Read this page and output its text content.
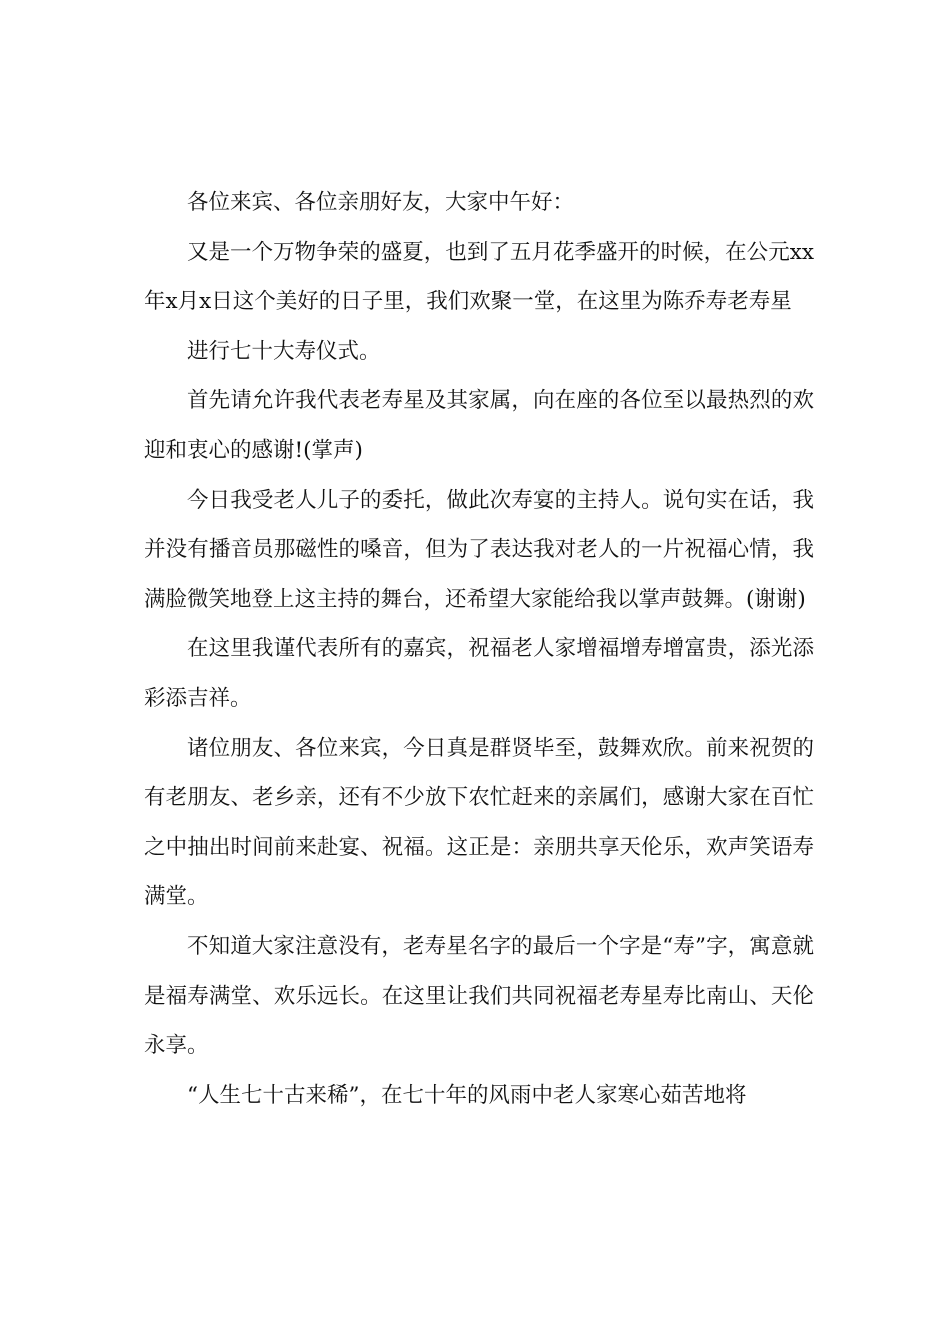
各位来宾、各位亲朋好友，大家中午好：

又是一个万物争荣的盛夏，也到了五月花季盛开的时候，在公元xx年x月x日这个美好的日子里，我们欢聚一堂，在这里为陈乔寿老寿星

进行七十大寿仪式。

首先请允许我代表老寿星及其家属，向在座的各位至以最热烈的欢迎和衷心的感谢!(掌声)

今日我受老人儿子的委托，做此次寿宴的主持人。说句实在话，我并没有播音员那磁性的嗓音，但为了表达我对老人的一片祝福心情，我满脸微笑地登上这主持的舞台，还希望大家能给我以掌声鼓舞。(谢谢)

在这里我谨代表所有的嘉宾，祝福老人家增福增寿增富贵，添光添彩添吉祥。

诸位朋友、各位来宾，今日真是群贤毕至，鼓舞欢欣。前来祝贺的有老朋友、老乡亲，还有不少放下农忙赶来的亲属们，感谢大家在百忙之中抽出时间前来赴宴、祝福。这正是：亲朋共享天伦乐，欢声笑语寿满堂。

不知道大家注意没有，老寿星名字的最后一个字是“寿”字，寓意就是福寿满堂、欢乐远长。在这里让我们共同祝福老寿星寿比南山、天伦永享。

“人生七十古来稀”，在七十年的风雨中老人家寒心茹苦地将
